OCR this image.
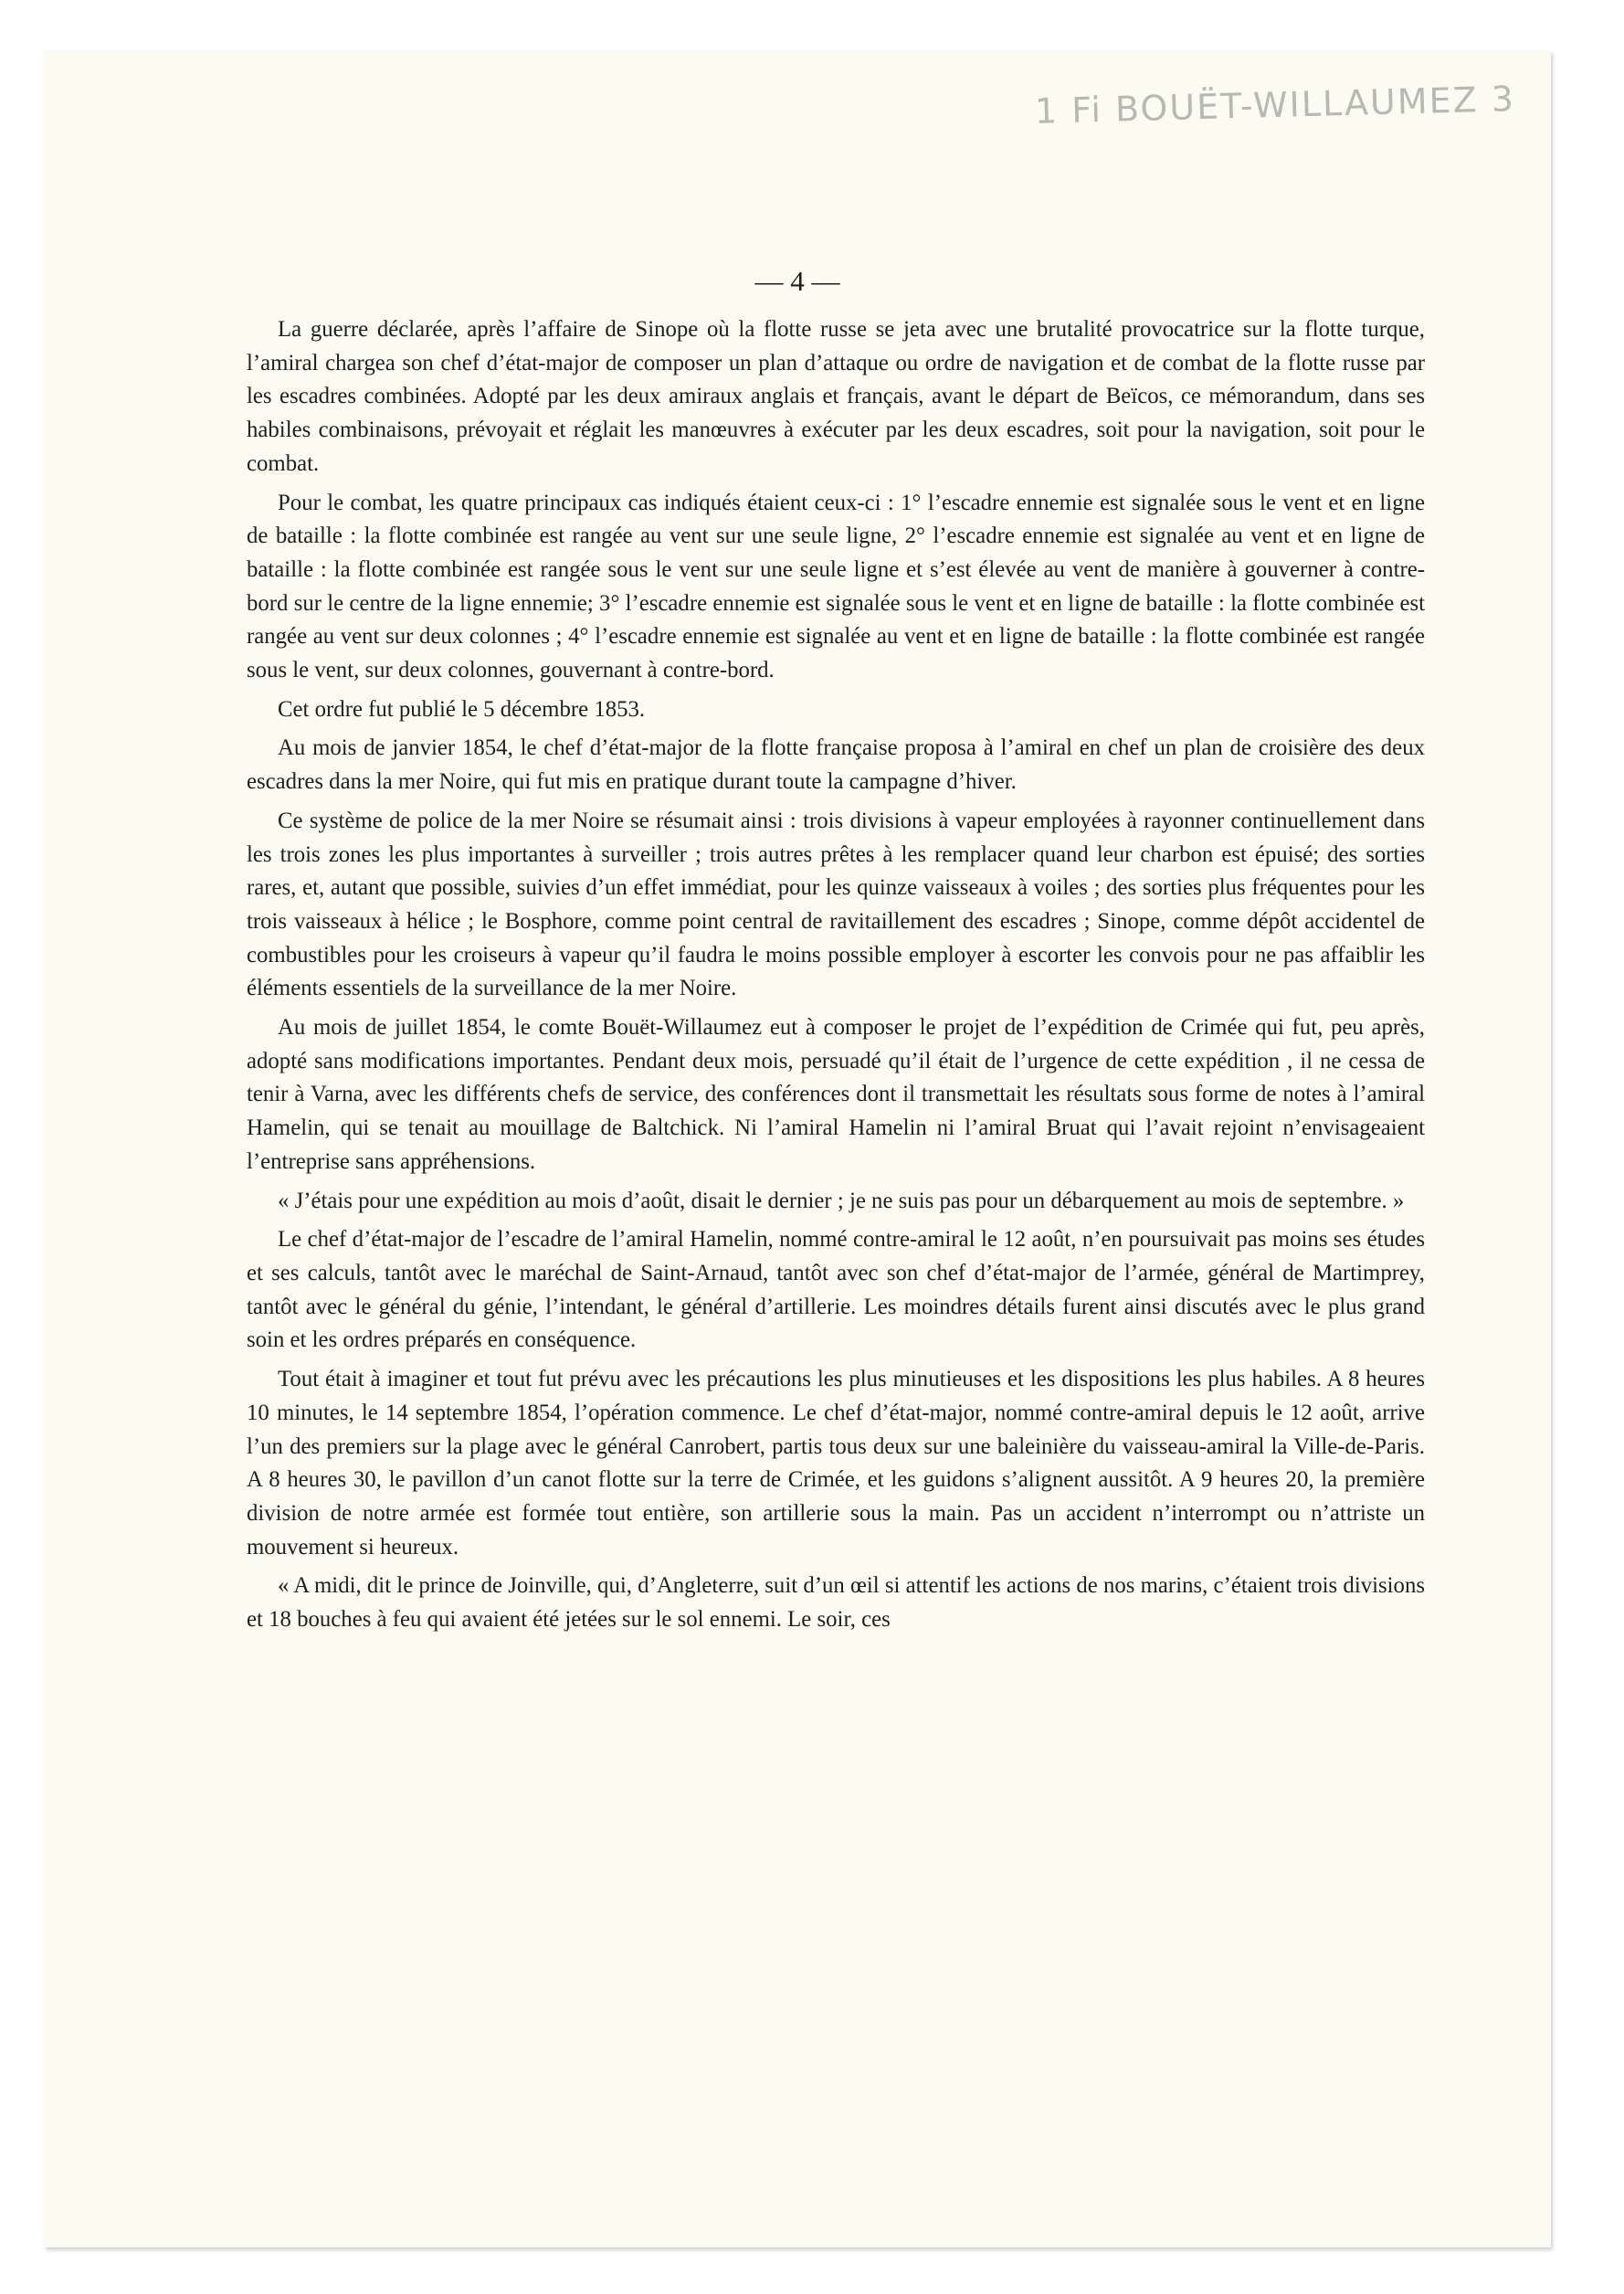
1 Fi BOUËT-WILLAUMEZ 3
— 4 —

La guerre déclarée, après l’affaire de Sinope où la flotte russe se jeta avec une brutalité provocatrice sur la flotte turque, l’amiral chargea son chef d’état-major de composer un plan d’attaque ou ordre de navigation et de combat de la flotte russe par les escadres combinées. Adopté par les deux amiraux anglais et français, avant le départ de Beïcos, ce mémorandum, dans ses habiles combinaisons, prévoyait et réglait les manœuvres à exécuter par les deux escadres, soit pour la navigation, soit pour le combat.

Pour le combat, les quatre principaux cas indiqués étaient ceux-ci : 1° l’escadre ennemie est signalée sous le vent et en ligne de bataille : la flotte combinée est rangée au vent sur une seule ligne, 2° l’escadre ennemie est signalée au vent et en ligne de bataille : la flotte combinée est rangée sous le vent sur une seule ligne et s’est élevée au vent de manière à gouverner à contre-bord sur le centre de la ligne ennemie; 3° l’escadre ennemie est signalée sous le vent et en ligne de bataille : la flotte combinée est rangée au vent sur deux colonnes ; 4° l’escadre ennemie est signalée au vent et en ligne de bataille : la flotte combinée est rangée sous le vent, sur deux colonnes, gouvernant à contre-bord.

Cet ordre fut publié le 5 décembre 1853.

Au mois de janvier 1854, le chef d’état-major de la flotte française proposa à l’amiral en chef un plan de croisière des deux escadres dans la mer Noire, qui fut mis en pratique durant toute la campagne d’hiver.

Ce système de police de la mer Noire se résumait ainsi : trois divisions à vapeur employées à rayonner continuellement dans les trois zones les plus importantes à surveiller ; trois autres prêtes à les remplacer quand leur charbon est épuisé; des sorties rares, et, autant que possible, suivies d’un effet immédiat, pour les quinze vaisseaux à voiles ; des sorties plus fréquentes pour les trois vaisseaux à hélice ; le Bosphore, comme point central de ravitaillement des escadres ; Sinope, comme dépôt accidentel de combustibles pour les croiseurs à vapeur qu’il faudra le moins possible employer à escorter les convois pour ne pas affaiblir les éléments essentiels de la surveillance de la mer Noire.

Au mois de juillet 1854, le comte Bouët-Willaumez eut à composer le projet de l’expédition de Crimée qui fut, peu après, adopté sans modifications importantes. Pendant deux mois, persuadé qu’il était de l’urgence de cette expédition , il ne cessa de tenir à Varna, avec les différents chefs de service, des conférences dont il transmettait les résultats sous forme de notes à l’amiral Hamelin, qui se tenait au mouillage de Baltchick. Ni l’amiral Hamelin ni l’amiral Bruat qui l’avait rejoint n’envisageaient l’entreprise sans appréhensions.

« J’étais pour une expédition au mois d’août, disait le dernier ; je ne suis pas pour un débarquement au mois de septembre. »

Le chef d’état-major de l’escadre de l’amiral Hamelin, nommé contre-amiral le 12 août, n’en poursuivait pas moins ses études et ses calculs, tantôt avec le maréchal de Saint-Arnaud, tantôt avec son chef d’état-major de l’armée, général de Martimprey, tantôt avec le général du génie, l’intendant, le général d’artillerie. Les moindres détails furent ainsi discutés avec le plus grand soin et les ordres préparés en conséquence.

Tout était à imaginer et tout fut prévu avec les précautions les plus minutieuses et les dispositions les plus habiles. A 8 heures 10 minutes, le 14 septembre 1854, l’opération commence. Le chef d’état-major, nommé contre-amiral depuis le 12 août, arrive l’un des premiers sur la plage avec le général Canrobert, partis tous deux sur une baleinière du vaisseau-amiral la Ville-de-Paris. A 8 heures 30, le pavillon d’un canot flotte sur la terre de Crimée, et les guidons s’alignent aussitôt. A 9 heures 20, la première division de notre armée est formée tout entière, son artillerie sous la main. Pas un accident n’interrompt ou n’attriste un mouvement si heureux.

« A midi, dit le prince de Joinville, qui, d’Angleterre, suit d’un œil si attentif les actions de nos marins, c’étaient trois divisions et 18 bouches à feu qui avaient été jetées sur le sol ennemi. Le soir, ces
